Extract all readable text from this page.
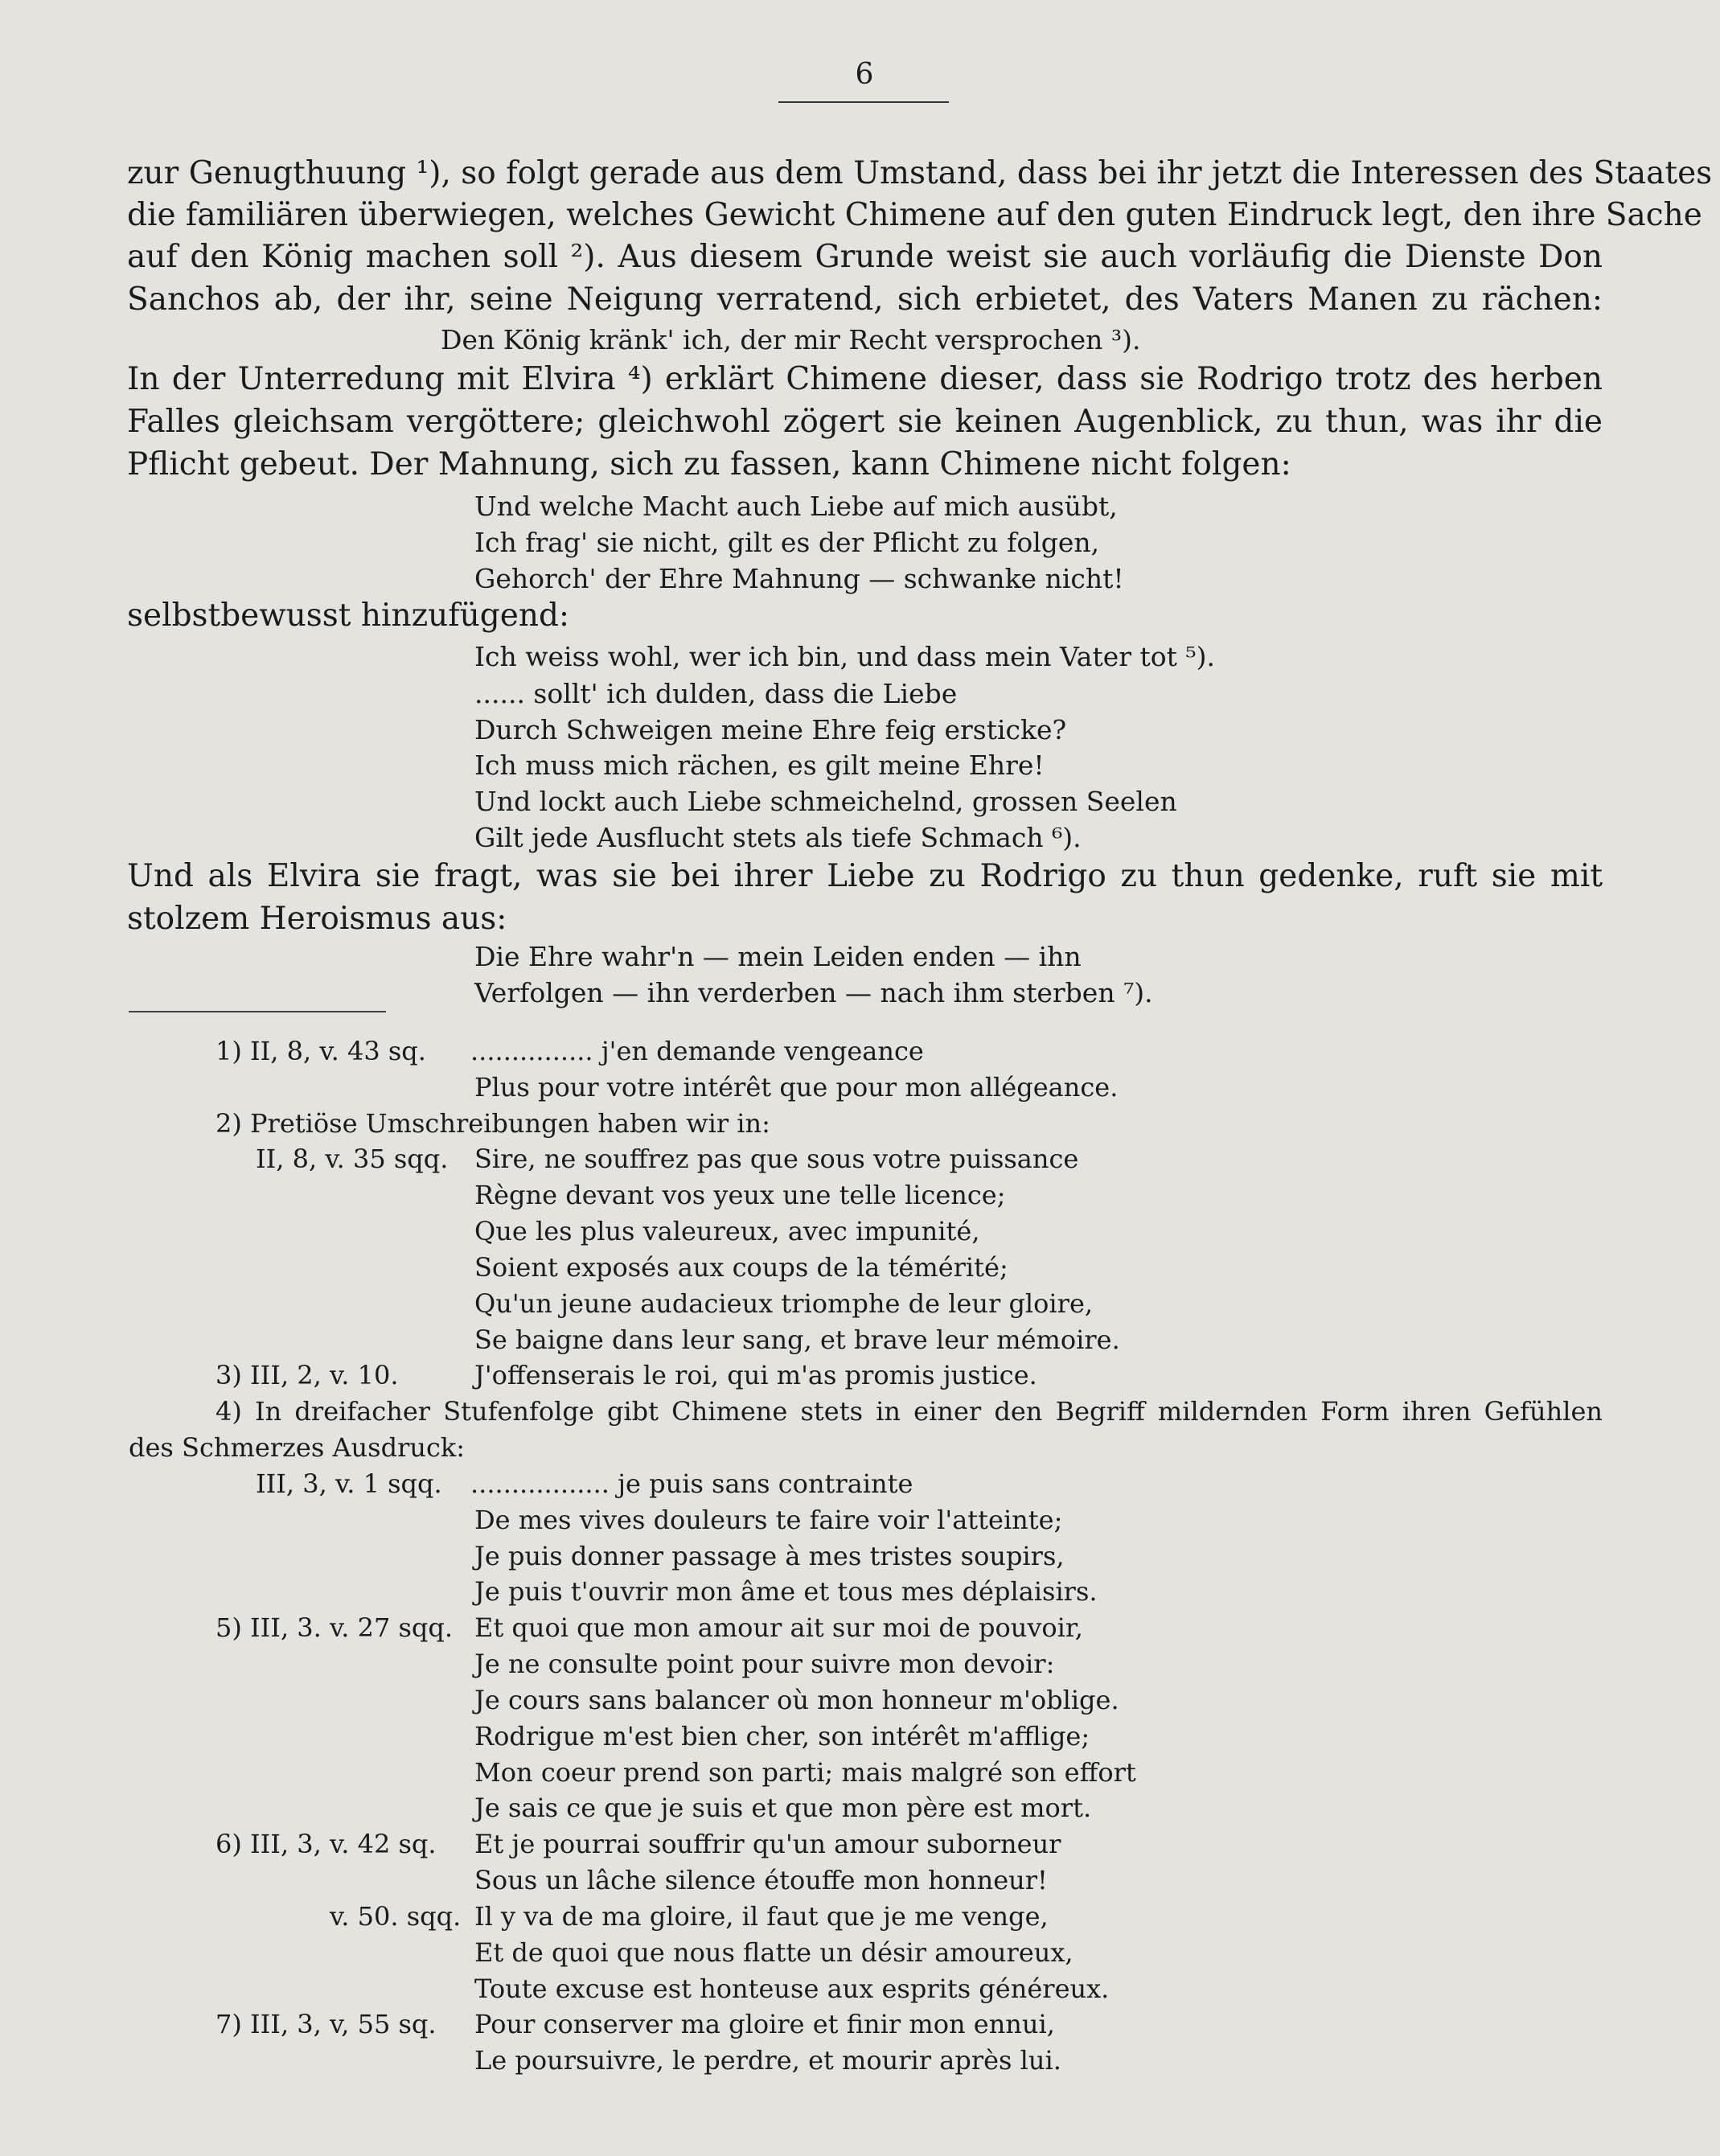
6
zur Genugthuung ¹), so folgt gerade aus dem Umstand, dass bei ihr jetzt die Interessen des Staates
die familiären überwiegen, welches Gewicht Chimene auf den guten Eindruck legt, den ihre Sache
auf den König machen soll ²). Aus diesem Grunde weist sie auch vorläufig die Dienste Don
Sanchos ab, der ihr, seine Neigung verratend, sich erbietet, des Vaters Manen zu rächen:
Den König kränk' ich, der mir Recht versprochen ³).
In der Unterredung mit Elvira ⁴) erklärt Chimene dieser, dass sie Rodrigo trotz des herben
Falles gleichsam vergöttere; gleichwohl zögert sie keinen Augenblick, zu thun, was ihr die
Pflicht gebeut. Der Mahnung, sich zu fassen, kann Chimene nicht folgen:
Und welche Macht auch Liebe auf mich ausübt,
Ich frag' sie nicht, gilt es der Pflicht zu folgen,
Gehorch' der Ehre Mahnung — schwanke nicht!
selbstbewusst hinzufügend:
Ich weiss wohl, wer ich bin, und dass mein Vater tot ⁵).
...... sollt' ich dulden, dass die Liebe
Durch Schweigen meine Ehre feig ersticke?
Ich muss mich rächen, es gilt meine Ehre!
Und lockt auch Liebe schmeichelnd, grossen Seelen
Gilt jede Ausflucht stets als tiefe Schmach ⁶).
Und als Elvira sie fragt, was sie bei ihrer Liebe zu Rodrigo zu thun gedenke, ruft sie mit
stolzem Heroismus aus:
Die Ehre wahr'n — mein Leiden enden — ihn
Verfolgen — ihn verderben — nach ihm sterben ⁷).
1) II, 8, v. 43 sq. ............... j'en demande vengeance
Plus pour votre intérêt que pour mon allégeance.
2) Pretiöse Umschreibungen haben wir in:
II, 8, v. 35 sqq. Sire, ne souffrez pas que sous votre puissance
Règne devant vos yeux une telle licence;
Que les plus valeureux, avec impunité,
Soient exposés aux coups de la témérité;
Qu'un jeune audacieux triomphe de leur gloire,
Se baigne dans leur sang, et brave leur mémoire.
3) III, 2, v. 10.	J'offenserais le roi, qui m'as promis justice.
4) In dreifacher Stufenfolge gibt Chimene stets in einer den Begriff mildernden Form ihren Gefühlen
des Schmerzes Ausdruck:
III, 3, v. 1 sqq. ................. je puis sans contrainte
De mes vives douleurs te faire voir l'atteinte;
Je puis donner passage à mes tristes soupirs,
Je puis t'ouvrir mon âme et tous mes déplaisirs.
5) III, 3. v. 27 sqq. Et quoi que mon amour ait sur moi de pouvoir,
Je ne consulte point pour suivre mon devoir:
Je cours sans balancer où mon honneur m'oblige.
Rodrigue m'est bien cher, son intérêt m'afflige;
Mon coeur prend son parti; mais malgré son effort
Je sais ce que je suis et que mon père est mort.
6) III, 3, v. 42 sq. Et je pourrai souffrir qu'un amour suborneur
Sous un lâche silence étouffe mon honneur!
v. 50. sqq. Il y va de ma gloire, il faut que je me venge,
Et de quoi que nous flatte un désir amoureux,
Toute excuse est honteuse aux esprits généreux.
7) III, 3, v, 55 sq. Pour conserver ma gloire et finir mon ennui,
Le poursuivre, le perdre, et mourir après lui.
